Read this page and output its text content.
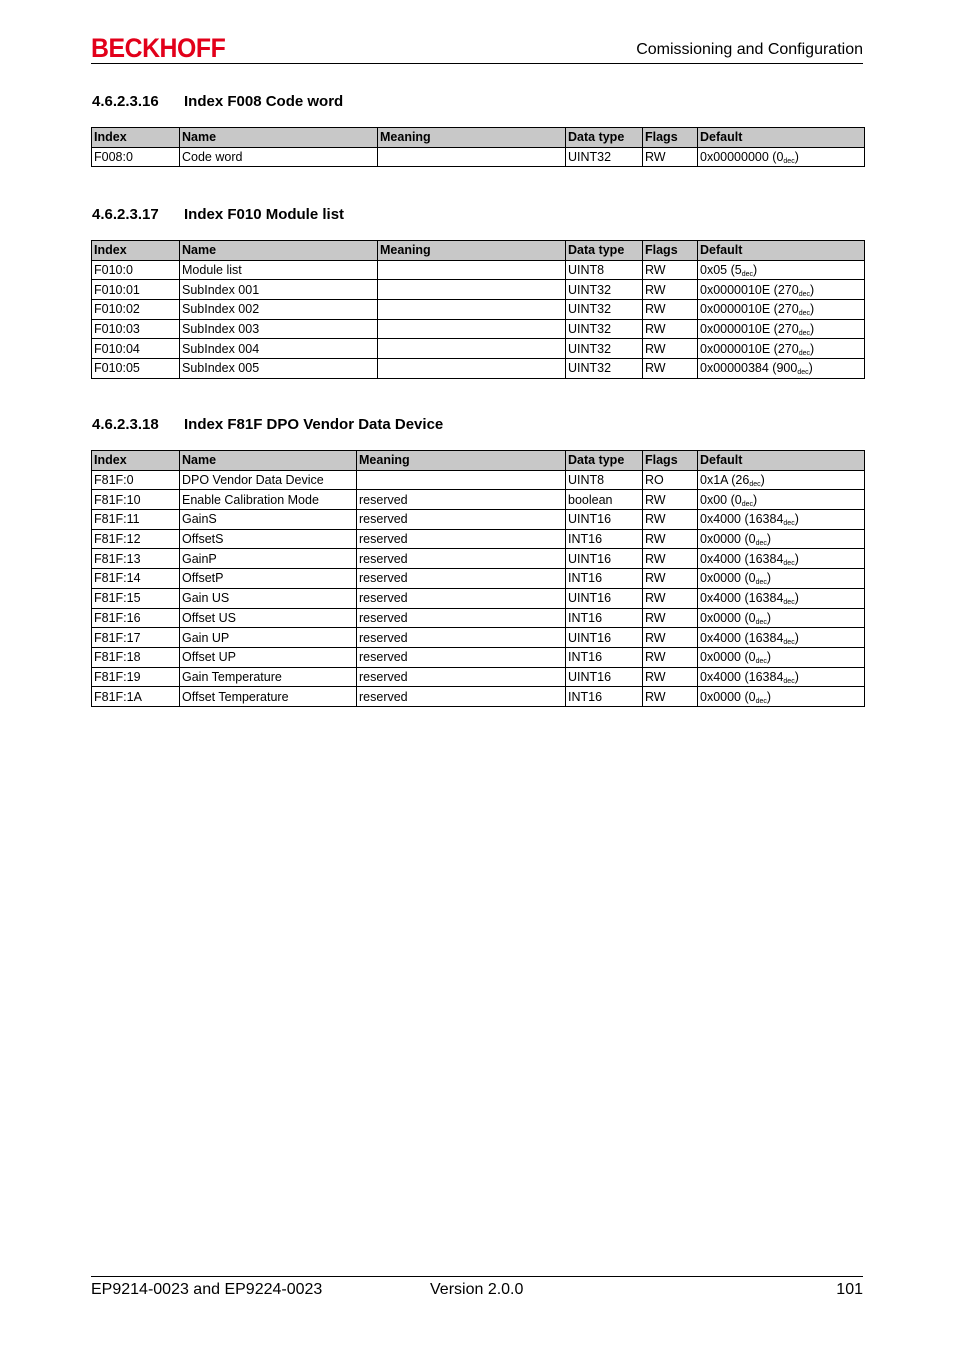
BECKHOFF	Comissioning and Configuration
4.6.2.3.16 Index F008 Code word
Index	Name	Meaning	Data type	Flags	Default
F008:0	Code word		UINT32	RW	0x00000000 $(0_{dec})$
4.6.2.3.17 Index F010 Module list
Index	Name	Meaning	Data type	Flags	Default
F010:0	Module list		UINT8	RW	0x05 $(5_{dec})$
F010:01	SubIndex 001		UINT32	RW	0x0000010E $(270_{dec})$
F010:02	SubIndex 002		UINT32	RW	0x0000010E $(270_{dec})$
F010:03	SubIndex 003		UINT32	RW	0x0000010E $(270_{dec})$
F010:04	SubIndex 004		UINT32	RW	0x0000010E $(270_{dec})$
F010:05	SubIndex 005		UINT32	RW	0x00000384 $(900_{dec})$
4.6.2.3.18 Index F81F DPO Vendor Data Device
Index	Name	Meaning	Data type	Flags	Default
F81F:0	DPO Vendor Data Device		UINT8	RO	0x1A $(26_{dec})$
F81F:10	Enable Calibration Mode	reserved	boolean	RW	0x00 $(0_{dec})$
F81F:11	GainS	reserved	UINT16	RW	0x4000 $(16384_{dec})$
F81F:12	OffsetS	reserved	INT16	RW	0x0000 $(0_{dec})$
F81F:13	GainP	reserved	UINT16	RW	0x4000 $(16384_{dec})$
F81F:14	OffsetP	reserved	INT16	RW	0x0000 $(0_{dec})$
F81F:15	Gain US	reserved	UINT16	RW	0x4000 $(16384_{dec})$
F81F:16	Offset US	reserved	INT16	RW	0x0000 $(0_{dec})$
F81F:17	Gain UP	reserved	UINT16	RW	0x4000 $(16384_{dec})$
F81F:18	Offset UP	reserved	INT16	RW	0x0000 $(0_{dec})$
F81F:19	Gain Temperature	reserved	UINT16	RW	0x4000 $(16384_{dec})$
F81F:1A	Offset Temperature	reserved	INT16	RW	0x0000 $(0_{dec})$
EP9214-0023 and EP9224-0023	Version 2.0.0	101
